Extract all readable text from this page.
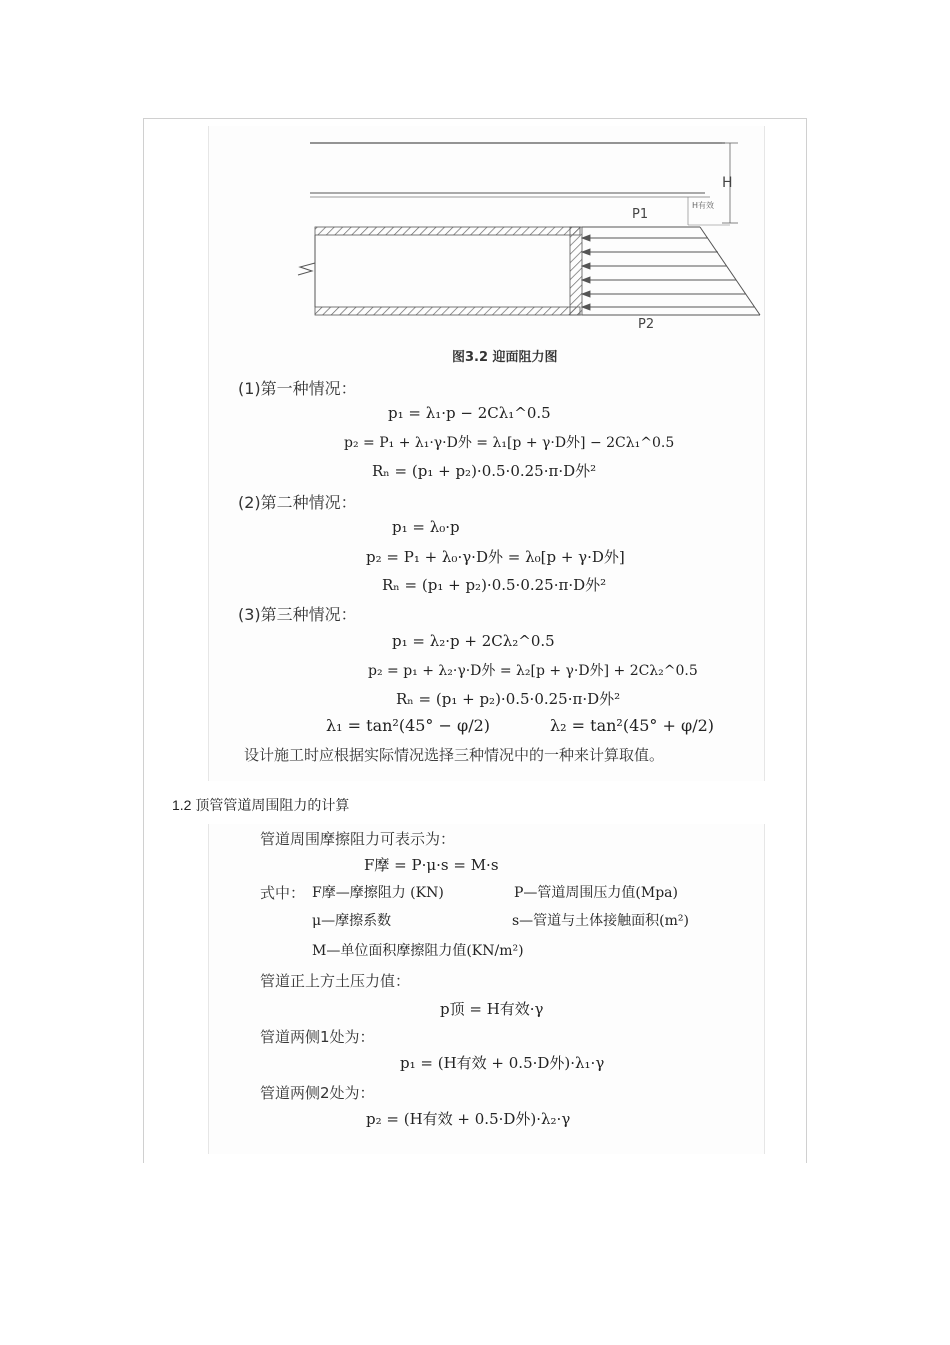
H
H有效
P1
P2
图3.2 迎面阻力图
(1)第一种情况：
p₁ = λ₁·p − 2Cλ₁^0.5
p₂ = P₁ + λ₁·γ·D外 = λ₁[p + γ·D外] − 2Cλ₁^0.5
Rₙ = (p₁ + p₂)·0.5·0.25·π·D外²
(2)第二种情况：
p₁ = λ₀·p
p₂ = P₁ + λ₀·γ·D外 = λ₀[p + γ·D外]
Rₙ = (p₁ + p₂)·0.5·0.25·π·D外²
(3)第三种情况：
p₁ = λ₂·p + 2Cλ₂^0.5
p₂ = p₁ + λ₂·γ·D外 = λ₂[p + γ·D外] + 2Cλ₂^0.5
Rₙ = (p₁ + p₂)·0.5·0.25·π·D外²
λ₁ = tan²(45° − φ/2)	λ₂ = tan²(45° + φ/2)
设计施工时应根据实际情况选择三种情况中的一种来计算取值。
1.2 顶管管道周围阻力的计算
管道周围摩擦阻力可表示为：
F摩 = P·μ·s = M·s
式中： F摩—摩擦阻力 (KN)	P—管道周围压力值(Mpa)
μ—摩擦系数	s—管道与土体接触面积(m²)
M—单位面积摩擦阻力值(KN/m²)
管道正上方土压力值：
p顶 = H有效·γ
管道两侧1处为：
p₁ = (H有效 + 0.5·D外)·λ₁·γ
管道两侧2处为：
p₂ = (H有效 + 0.5·D外)·λ₂·γ
